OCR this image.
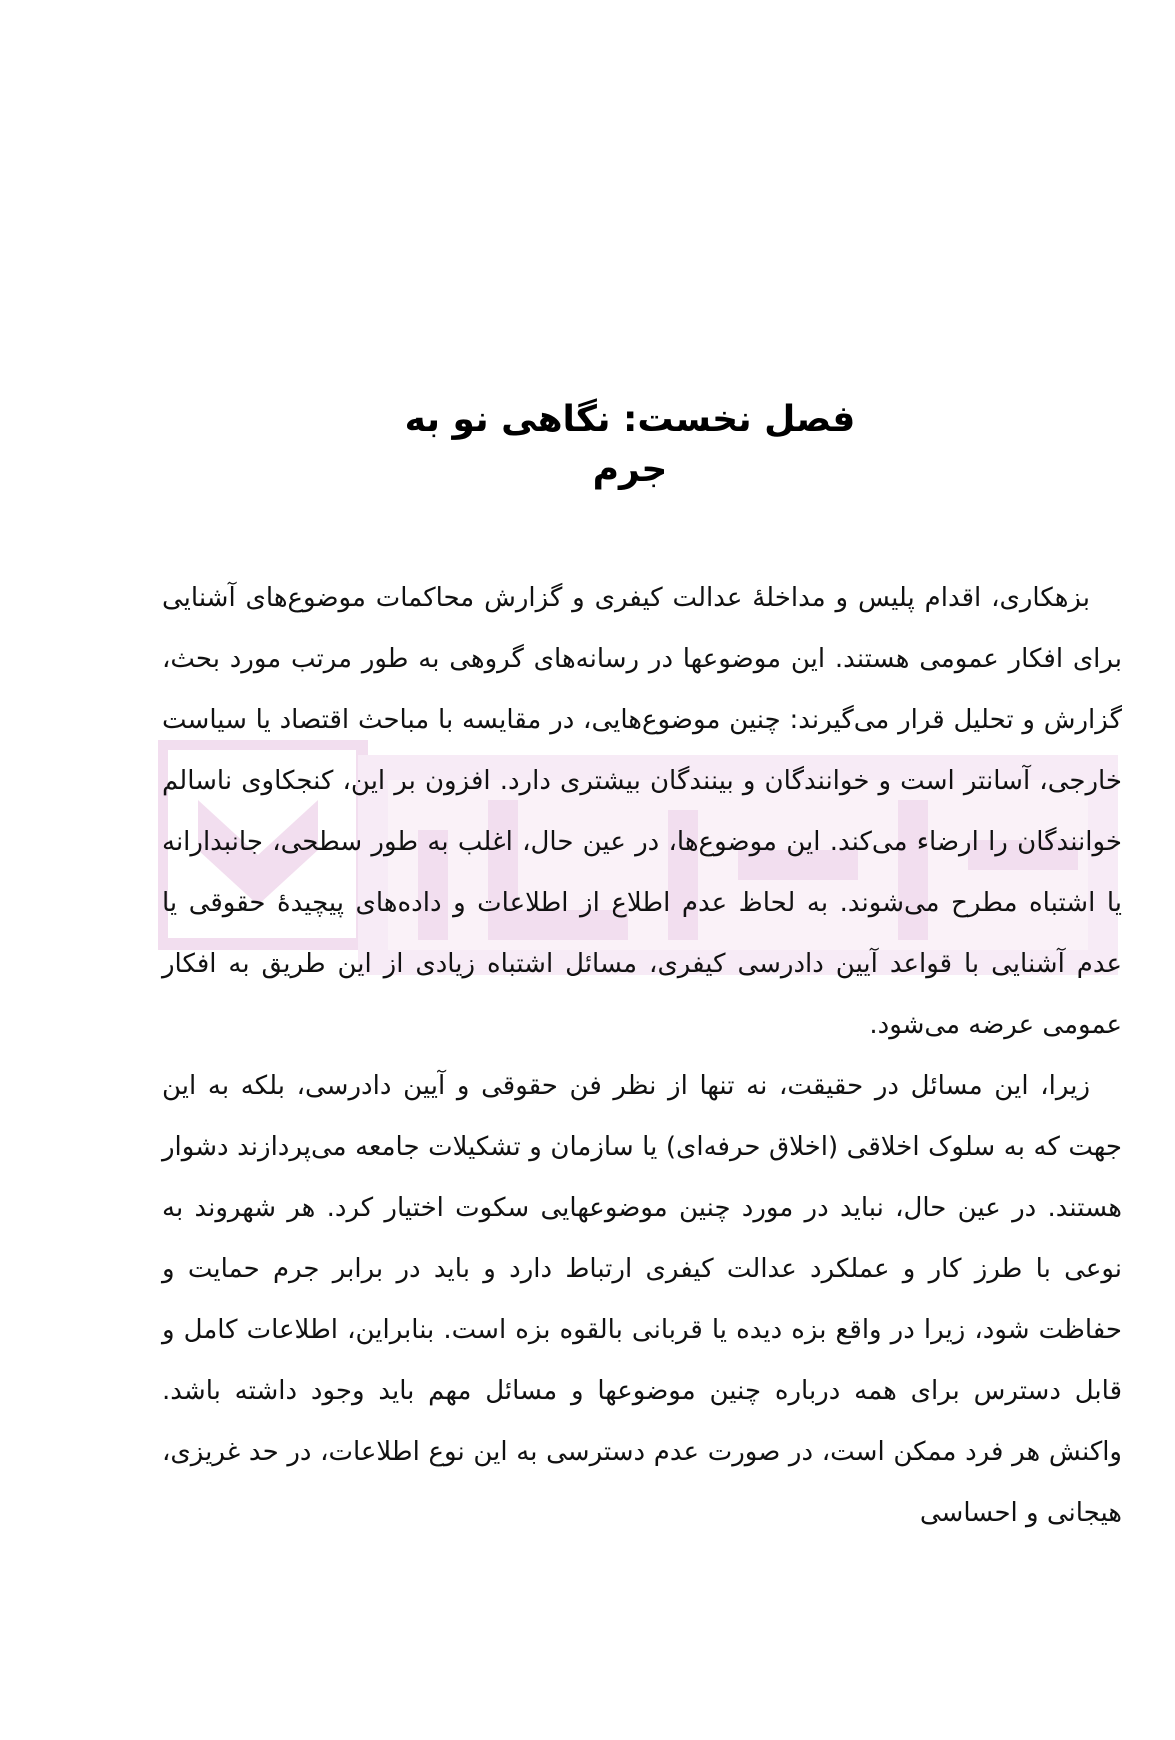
فصل نخست: نگاهی نو به جرم

بزهکاری، اقدام پلیس و مداخلهٔ عدالت کیفری و گزارش محاکمات موضوع‌های آشنایی برای افکار عمومی هستند. این موضوعها در رسانه‌های گروهی به طور مرتب مورد بحث، گزارش و تحلیل قرار می‌گیرند: چنین موضوع‌هایی، در مقایسه با مباحث اقتصاد یا سیاست خارجی، آسانتر است و خوانندگان و بینندگان بیشتری دارد. افزون بر این، کنجکاوی ناسالم خوانندگان را ارضاء می‌کند. این موضوع‌ها، در عین حال، اغلب به طور سطحی، جانبدارانه یا اشتباه مطرح می‌شوند. به لحاظ عدم اطلاع از اطلاعات و داده‌های پیچیدهٔ حقوقی یا عدم آشنایی با قواعد آیین دادرسی کیفری، مسائل اشتباه زیادی از این طریق به افکار عمومی عرضه می‌شود.

زیرا، این مسائل در حقیقت، نه تنها از نظر فن حقوقی و آیین دادرسی، بلکه به این جهت که به سلوک اخلاقی (اخلاق حرفه‌ای) یا سازمان و تشکیلات جامعه می‌پردازند دشوار هستند. در عین حال، نباید در مورد چنین موضوعهایی سکوت اختیار کرد. هر شهروند به نوعی با طرز کار و عملکرد عدالت کیفری ارتباط دارد و باید در برابر جرم حمایت و حفاظت شود، زیرا در واقع بزه دیده یا قربانی بالقوه بزه است. بنابراین، اطلاعات کامل و قابل دسترس برای همه درباره چنین موضوعها و مسائل مهم باید وجود داشته باشد. واکنش هر فرد ممکن است، در صورت عدم دسترسی به این نوع اطلاعات، در حد غریزی، هیجانی و احساسی
